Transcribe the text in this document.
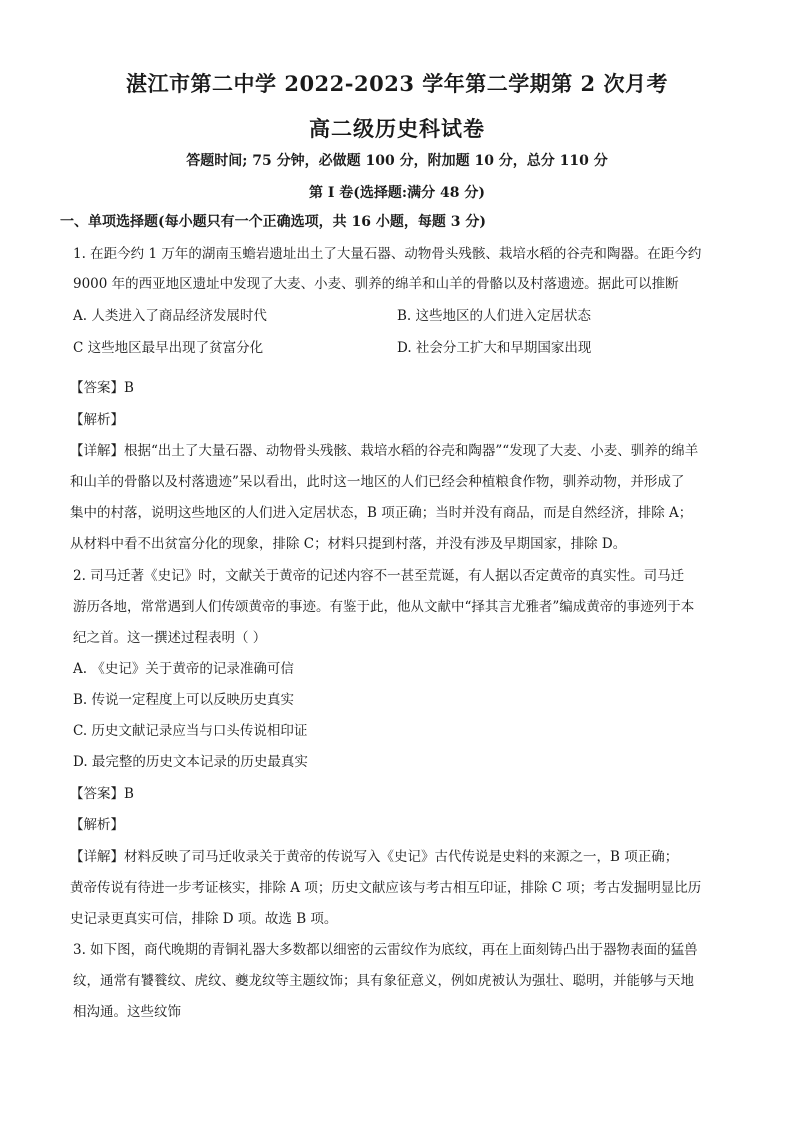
湛江市第二中学 2022-2023 学年第二学期第 2 次月考
高二级历史科试卷
答题时间; 75 分钟，必做题 100 分，附加题 10 分，总分 110 分
第 I 卷(选择题:满分 48 分)
一、单项选择题(每小题只有一个正确选项，共 16 小题，每题 3 分)
1. 在距今约 1 万年的湖南玉蟾岩遗址出土了大量石器、动物骨头残骸、栽培水稻的谷壳和陶器。在距今约
9000 年的西亚地区遗址中发现了大麦、小麦、驯养的绵羊和山羊的骨骼以及村落遗迹。据此可以推断
A. 人类进入了商品经济发展时代	B. 这些地区的人们进入定居状态
C 这些地区最早出现了贫富分化	D. 社会分工扩大和早期国家出现
【答案】B
【解析】
【详解】根据“出土了大量石器、动物骨头残骸、栽培水稻的谷壳和陶器”“发现了大麦、小麦、驯养的绵羊
和山羊的骨骼以及村落遗迹”呆以看出，此时这一地区的人们已经会种植粮食作物，驯养动物，并形成了
集中的村落，说明这些地区的人们进入定居状态，B 项正确；当时并没有商品，而是自然经济，排除 A；
从材料中看不出贫富分化的现象，排除 C；材料只提到村落，并没有涉及早期国家，排除 D。
2. 司马迁著《史记》时，文献关于黄帝的记述内容不一甚至荒诞，有人据以否定黄帝的真实性。司马迁
游历各地，常常遇到人们传颂黄帝的事迹。有鉴于此，他从文献中“择其言尤雅者”编成黄帝的事迹列于本
纪之首。这一撰述过程表明（ ）
A. 《史记》关于黄帝的记录准确可信
B. 传说一定程度上可以反映历史真实
C. 历史文献记录应当与口头传说相印证
D. 最完整的历史文本记录的历史最真实
【答案】B
【解析】
【详解】材料反映了司马迁收录关于黄帝的传说写入《史记》古代传说是史料的来源之一，B 项正确；
黄帝传说有待进一步考证核实，排除 A 项；历史文献应该与考古相互印证，排除 C 项；考古发掘明显比历
史记录更真实可信，排除 D 项。故选 B 项。
3. 如下图，商代晚期的青铜礼器大多数都以细密的云雷纹作为底纹，再在上面刻铸凸出于器物表面的猛兽
纹，通常有饕餮纹、虎纹、夔龙纹等主题纹饰；具有象征意义，例如虎被认为强壮、聪明，并能够与天地
相沟通。这些纹饰
